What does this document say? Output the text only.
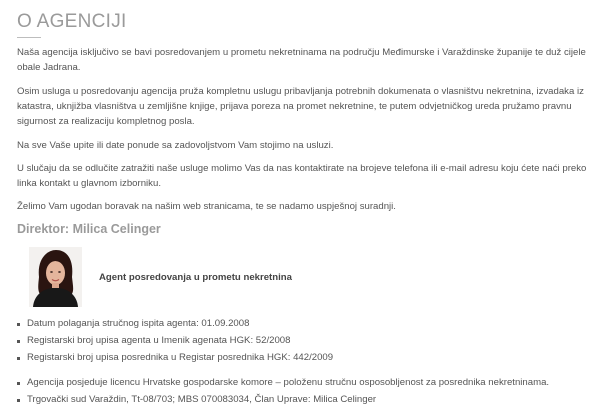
O AGENCIJI

Naša agencija isključivo se bavi posredovanjem u prometu nekretninama na području Međimurske i Varaždinske županije te duž cijele obale Jadrana.

Osim usluga u posredovanju agencija pruža kompletnu uslugu pribavljanja potrebnih dokumenata o vlasništvu nekretnina, izvadaka iz katastra, uknjižba vlasništva u zemljišne knjige, prijava poreza na promet nekretnine, te putem odvjetničkog ureda pružamo pravnu sigurnost za realizaciju kompletnog posla.

Na sve Vaše upite ili date ponude sa zadovoljstvom Vam stojimo na usluzi.

U slučaju da se odlučite zatražiti naše usluge molimo Vas da nas kontaktirate na brojeve telefona ili e-mail adresu koju ćete naći preko linka kontakt u glavnom izborniku.

Želimo Vam ugodan boravak na našim web stranicama, te se nadamo uspješnoj suradnji.

Direktor: Milica Celinger

Agent posredovanja u prometu nekretnina

Datum polaganja stručnog ispita agenta: 01.09.2008
Registarski broj upisa agenta u Imenik agenata HGK: 52/2008
Registarski broj upisa posrednika u Registar posrednika HGK: 442/2009
Agencija posjeduje licencu Hrvatske gospodarske komore – položenu stručnu osposobljenost za posrednika nekretninama.
Trgovački sud Varaždin, Tt-08/703; MBS 070083034, Član Uprave: Milica Celinger
